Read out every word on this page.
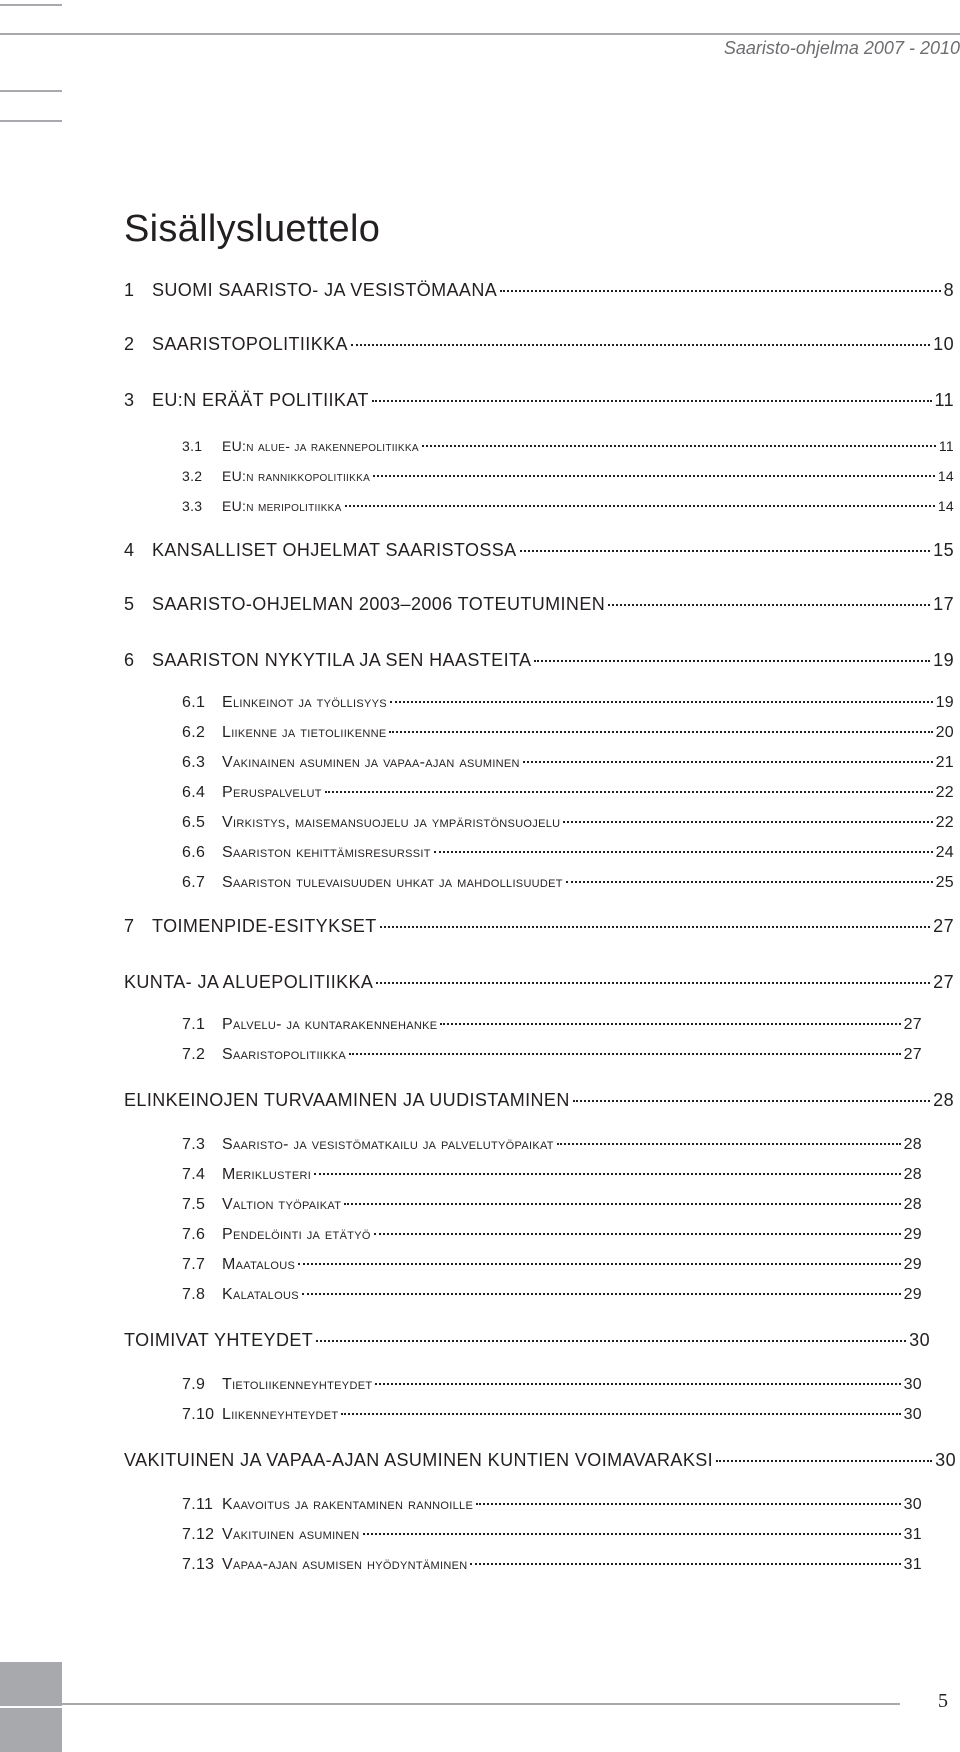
Saaristo-ohjelma 2007 - 2010
Sisällysluettelo
1 SUOMI SAARISTO- JA VESISTÖMAANA	8
2 SAARISTOPOLITIIKKA	10
3 EU:N ERÄÄT POLITIIKAT	11
3.1	EU:n alue- ja rakennepolitiikka	11
3.2	EU:n rannikkopolitiikka	14
3.3	EU:n meripolitiikka	14
4 KANSALLISET OHJELMAT SAARISTOSSA	15
5 SAARISTO-OHJELMAN 2003–2006 TOTEUTUMINEN	17
6 SAARISTON NYKYTILA JA SEN HAASTEITA	19
6.1	Elinkeinot ja työllisyys	19
6.2	Liikenne ja tietoliikenne	20
6.3	Vakinainen asuminen ja vapaa-ajan asuminen	21
6.4	Peruspalvelut	22
6.5	Virkistys, maisemansuojelu ja ympäristönsuojelu	22
6.6	Saariston kehittämisresurssit	24
6.7	Saariston tulevaisuuden uhkat ja mahdollisuudet	25
7 TOIMENPIDE-ESITYKSET	27
KUNTA- JA ALUEPOLITIIKKA	27
7.1	Palvelu- ja kuntarakennehanke	27
7.2	Saaristopolitiikka	27
ELINKEINOJEN TURVAAMINEN JA UUDISTAMINEN	28
7.3	Saaristo- ja vesistömatkailu ja palvelutyöpaikat	28
7.4	Meriklusteri	28
7.5	Valtion työpaikat	28
7.6	Pendelöinti ja etätyö	29
7.7	Maatalous	29
7.8	Kalatalous	29
TOIMIVAT YHTEYDET	30
7.9	Tietoliikenneyhteydet	30
7.10 Liikenneyhteydet	30
VAKITUINEN JA VAPAA-AJAN ASUMINEN KUNTIEN VOIMAVARAKSI	30
7.11 Kaavoitus ja rakentaminen rannoille	30
7.12 Vakituinen asuminen	31
7.13 Vapaa-ajan asumisen hyödyntäminen	31
5
